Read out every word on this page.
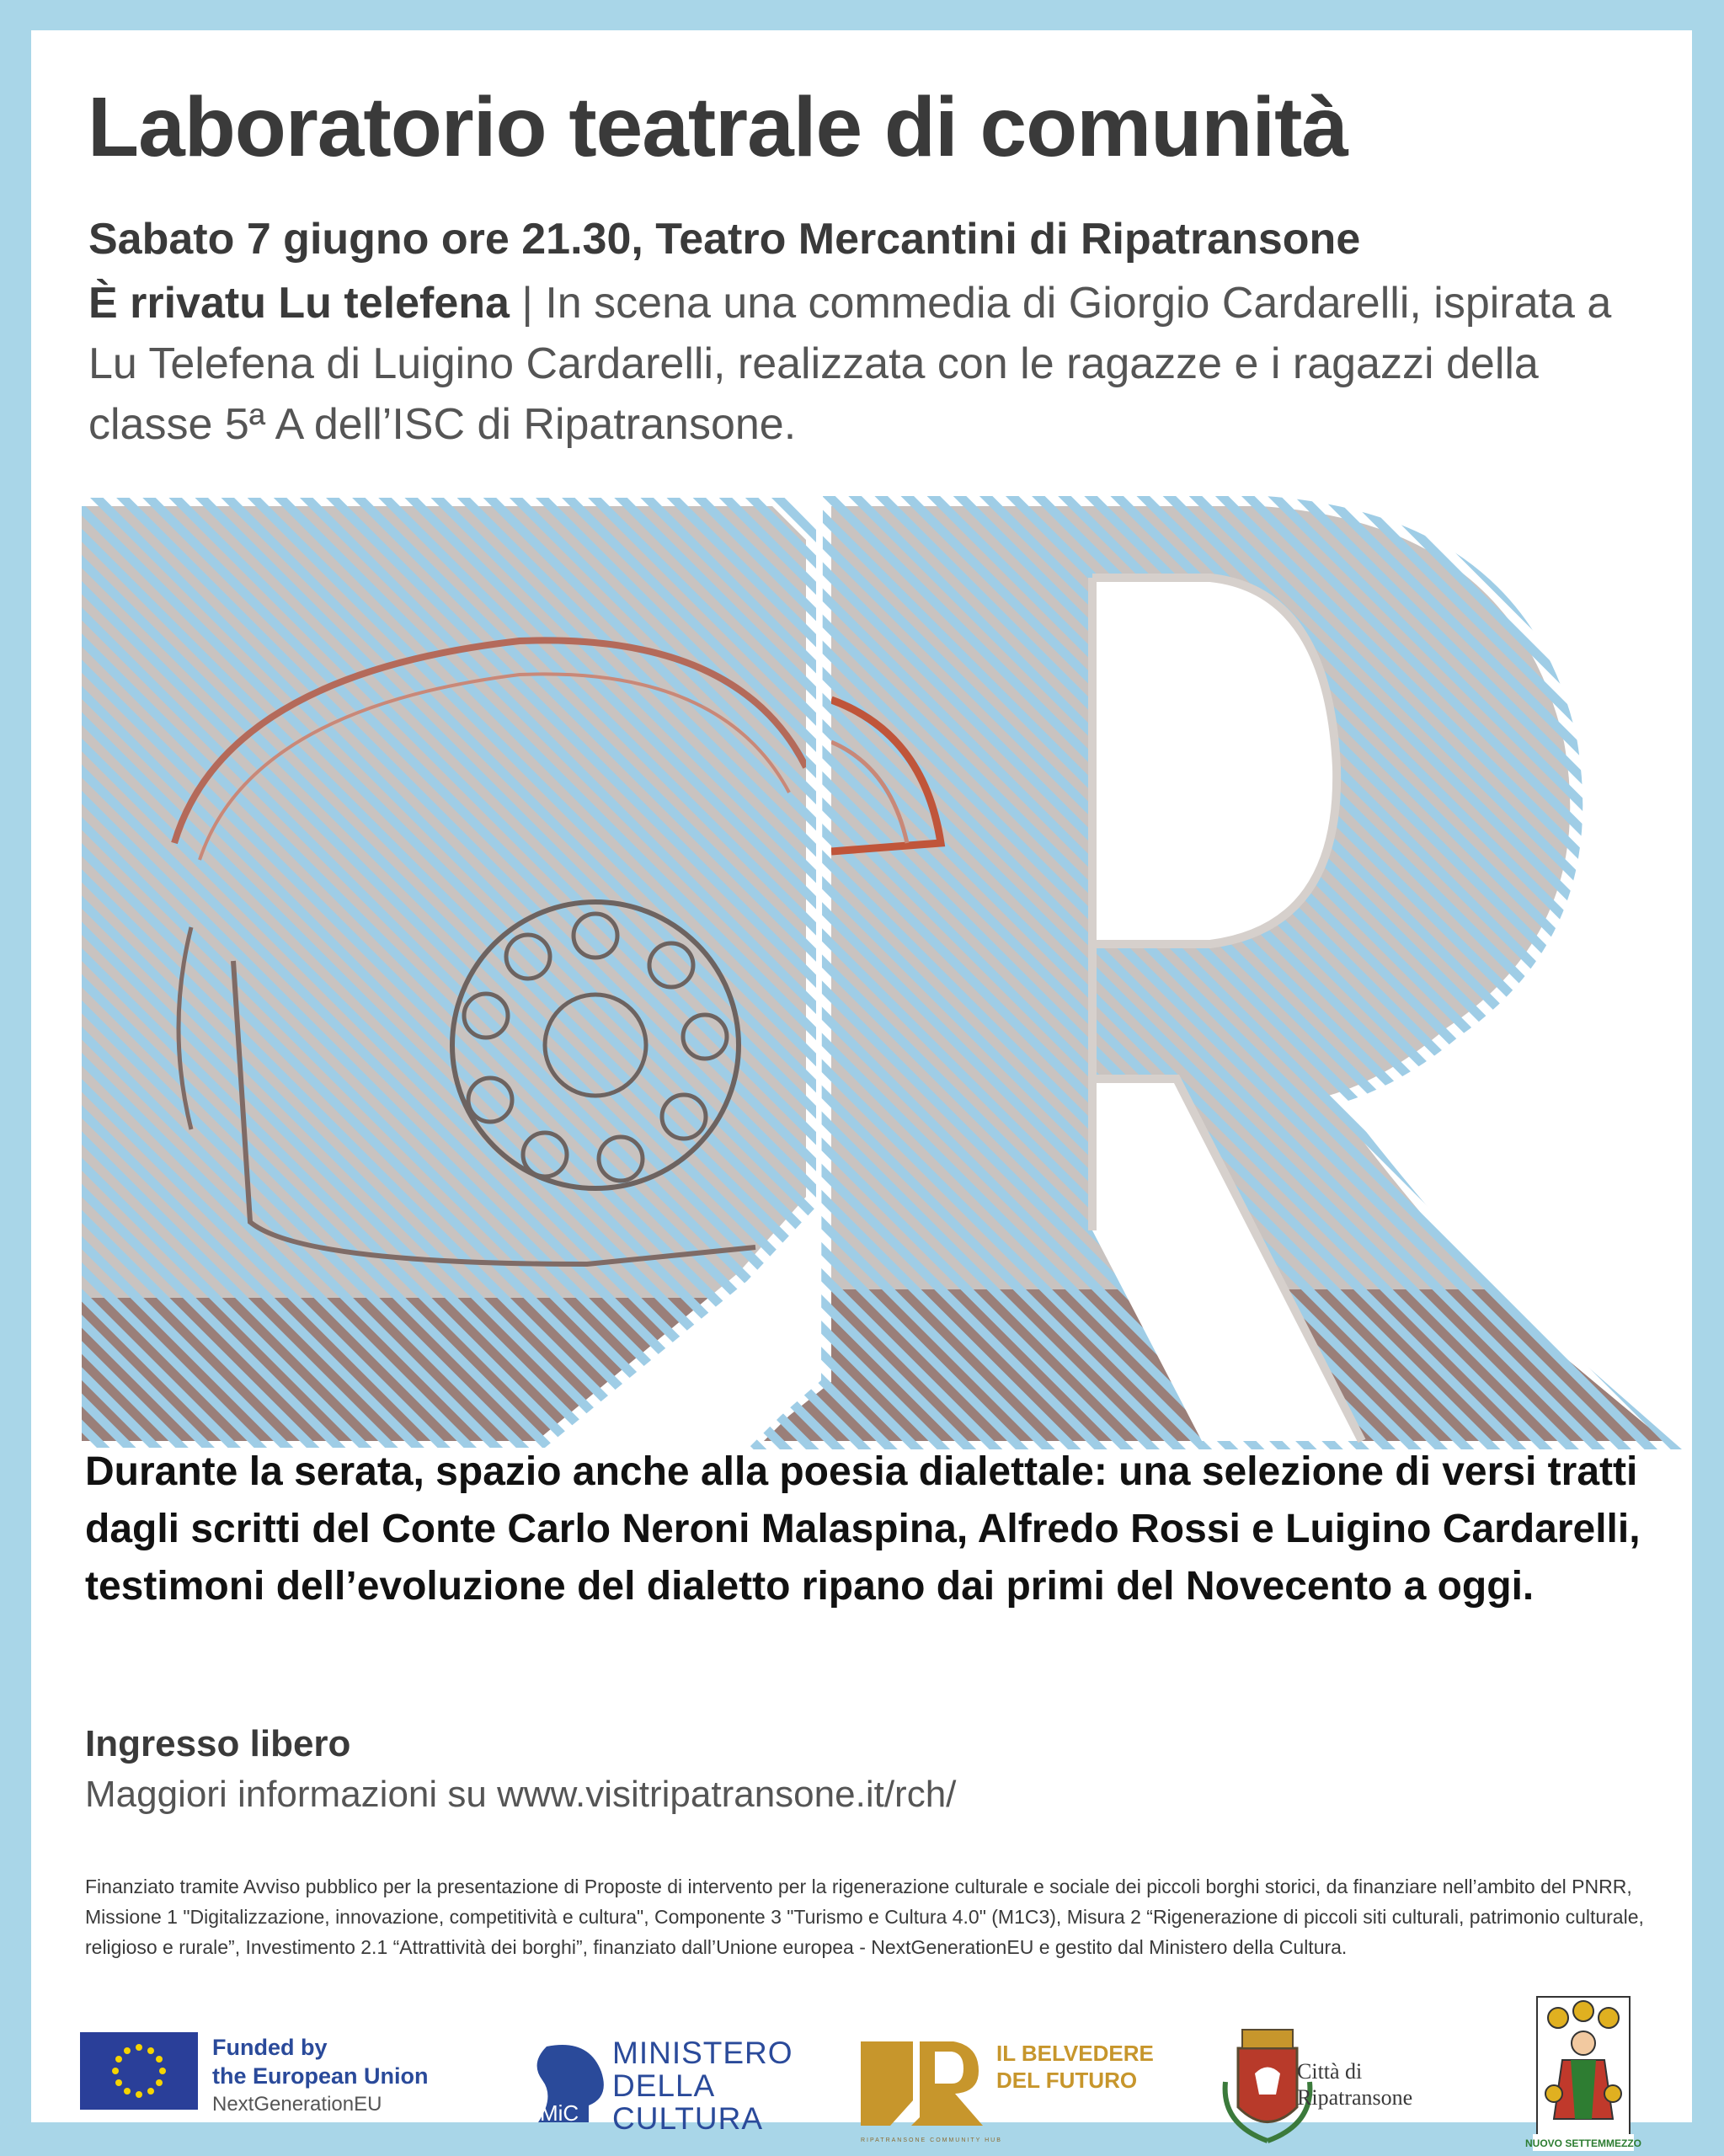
Laboratorio teatrale di comunità

Sabato 7 giugno ore 21.30, Teatro Mercantini di Ripatransone

È rrivatu Lu telefena | In scena una commedia di Giorgio Cardarelli, ispirata a Lu Telefena di Luigino Cardarelli, realizzata con le ragazze e i ragazzi della classe 5ª A dell’ISC di Ripatransone.

Durante la serata, spazio anche alla poesia dialettale: una selezione di versi tratti dagli scritti del Conte Carlo Neroni Malaspina, Alfredo Rossi e Luigino Cardarelli, testimoni dell’evoluzione del dialetto ripano dai primi del Novecento a oggi.

Ingresso libero

Maggiori informazioni su www.visitripatransone.it/rch/

Finanziato tramite Avviso pubblico per la presentazione di Proposte di intervento per la rigenerazione culturale e sociale dei piccoli borghi storici, da finanziare nell’ambito del PNRR, Missione 1 "Digitalizzazione, innovazione, competitività e cultura", Componente 3 "Turismo e Cultura 4.0" (M1C3), Misura 2 “Rigenerazione di piccoli siti culturali, patrimonio culturale, religioso e rurale”, Investimento 2.1 “Attrattività dei borghi”, finanziato dall’Unione europea - NextGenerationEU e gestito dal Ministero della Cultura.

Funded by
the European Union
NextGenerationEU	MiC
MINISTERO
DELLA
CULTURA
IL BELVEDERE
DEL FUTURO
RIPATRANSONE COMMUNITY HUB
Città di
Ripatransone
NUOVO SETTEMMEZZO
